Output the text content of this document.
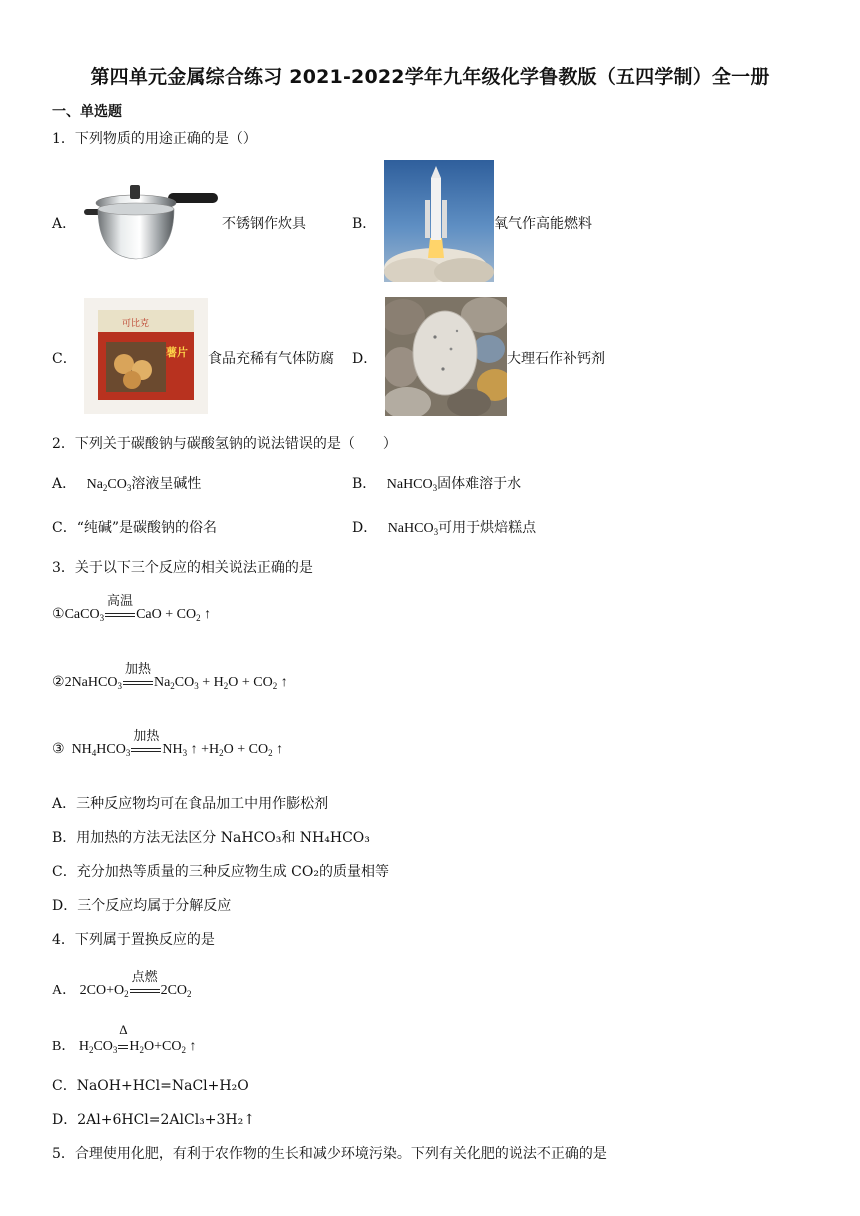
第四单元金属综合练习 2021-2022学年九年级化学鲁教版（五四学制）全一册
一、单选题
1．下列物质的用途正确的是（）
A．	不锈钢作炊具	B．	氧气作高能燃料
C．
可比克
薯片 食品充稀有气体防腐 D．	大理石作补钙剂
2．下列关于碳酸钠与碳酸氢钠的说法错误的是（　　）
A． $Na_2CO_3$溶液呈碱性	B． NaHCO$_3$固体难溶于水
C．“纯碱”是碳酸钠的俗名	D． NaHCO$_3$可用于烘焙糕点
3．关于以下三个反应的相关说法正确的是
①CaCO$_3$
高温
CaO + $CO_2$ ↑
②2NaHCO$_3$
加热
$Na_2CO_3 + H_2O + CO_2$ ↑
③  $NH_4HCO_3$
加热
$NH_3$ ↑ $+H_2O + CO_2$ ↑
A．三种反应物均可在食品加工中用作膨松剂
B．用加热的方法无法区分 NaHCO₃和 NH₄HCO₃
C．充分加热等质量的三种反应物生成 CO₂的质量相等
D．三个反应均属于分解反应
4．下列属于置换反应的是
A． $2CO+O_2$
点燃
$2CO_2$
B． $H_2CO_3$
Δ
$H_2O+CO_2$ ↑
C．NaOH+HCl=NaCl+H₂O
D．2Al+6HCl=2AlCl₃+3H₂↑
5．合理使用化肥，有利于农作物的生长和减少环境污染。下列有关化肥的说法不正确的是
